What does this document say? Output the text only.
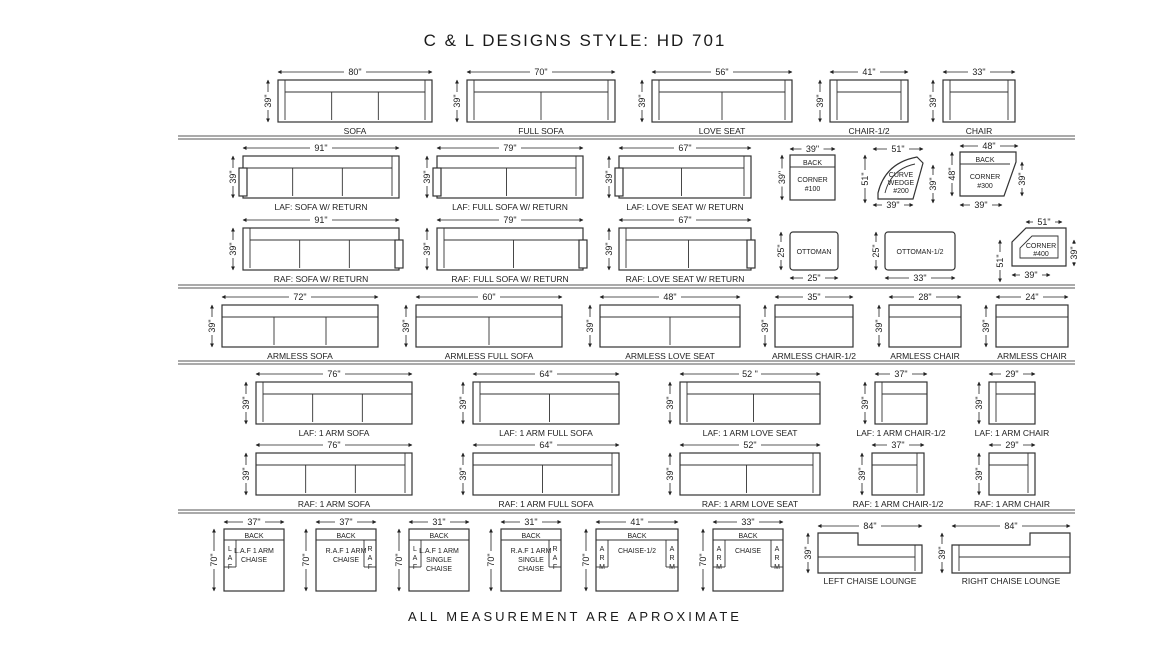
C & L DESIGNS STYLE: HD 701
80"
39"
SOFA
70"
39"
FULL SOFA
56"
39"
LOVE SEAT
41"
39"
CHAIR-1/2
33"
39"
CHAIR
91"
39"
LAF: SOFA W/ RETURN
79"
39"
LAF: FULL SOFA W/ RETURN
67"
39"
LAF: LOVE SEAT W/ RETURN
91"
39"
RAF: SOFA W/ RETURN
79"
39"
RAF: FULL SOFA W/ RETURN
67"
39"
RAF: LOVE SEAT W/ RETURN
39"
39"
BACK
CORNER
#100
51"
51"	39"
39"
CURVE
WEDGE
#200
48"
48"	39"
39"
BACK
CORNER
#300
25"
25"
OTTOMAN	25"
33"
OTTOMAN-1/2
51"
51"
39"
39"
CORNER
#400
72"
39"
ARMLESS SOFA
60"
39"
ARMLESS FULL SOFA
48"
39"
ARMLESS LOVE SEAT
35"
39"
ARMLESS CHAIR-1/2
28"
39"
ARMLESS CHAIR
24"
39"
ARMLESS CHAIR
76"
39"
LAF: 1 ARM SOFA
64"
39"
LAF: 1 ARM FULL SOFA
52 "
39"
LAF: 1 ARM LOVE SEAT
37"
39"
LAF: 1 ARM CHAIR-1/2
29"
39"
LAF: 1 ARM CHAIR
76"
39"
RAF: 1 ARM SOFA
64"
39"
RAF: 1 ARM FULL SOFA
52"
39"
RAF: 1 ARM LOVE SEAT
37"
39"
RAF: 1 ARM CHAIR-1/2
29"
39"
RAF: 1 ARM CHAIR
37"
70"
BACK
L
A
F
L.A.F 1 ARM
CHAISE
37"
70"
BACK
R
A
F
R.A.F 1 ARM
CHAISE
31"
70"
BACK
L
A
F
L.A.F 1 ARM
SINGLE
CHAISE
31"
70"
BACK
R
A
F
R.A.F 1 ARM
SINGLE
CHAISE
41"
70"
BACK
A
R
M
A
R
M
CHAISE-1/2
33"
70"
BACK
A
R
M
A
R
M
CHAISE
84"
39"
LEFT CHAISE LOUNGE
84"
39"
RIGHT CHAISE LOUNGE
ALL MEASUREMENT ARE APROXIMATE
